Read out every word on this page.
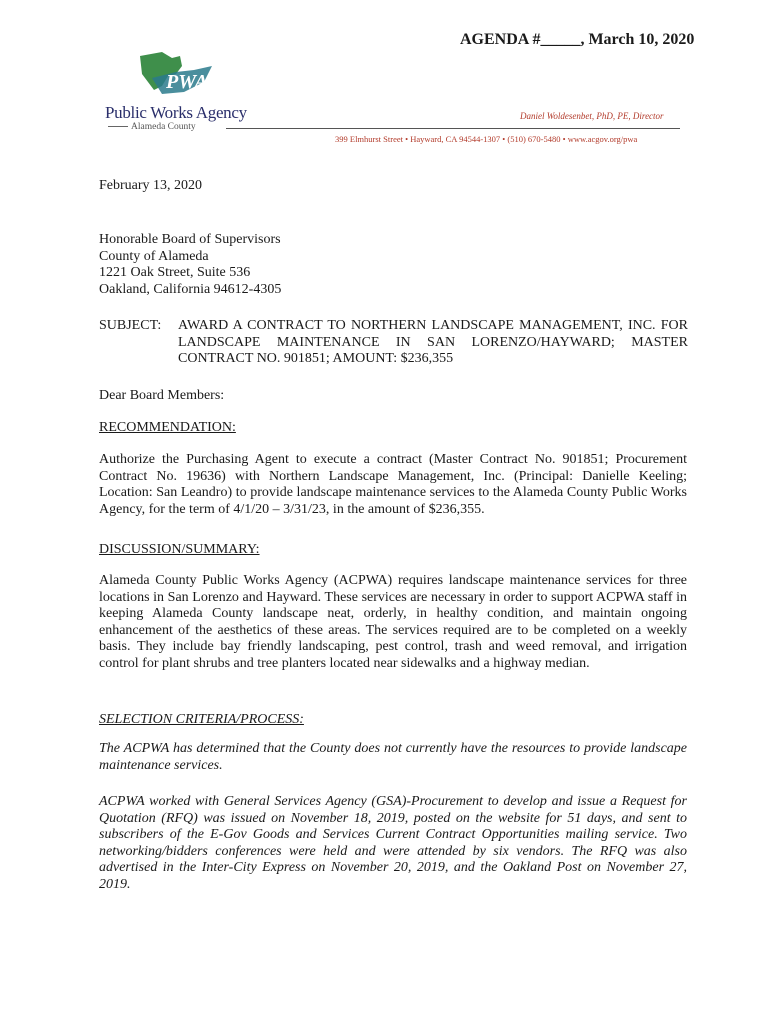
AGENDA #_____, March 10, 2020
PWA
Public Works Agency
Alameda County
Daniel Woldesenbet, PhD, PE, Director
399 Elmhurst Street • Hayward, CA 94544-1307 • (510) 670-5480 • www.acgov.org/pwa
February 13, 2020
Honorable Board of Supervisors
County of Alameda
1221 Oak Street, Suite 536
Oakland, California 94612-4305
SUBJECT: AWARD A CONTRACT TO NORTHERN LANDSCAPE MANAGEMENT, INC. FOR LANDSCAPE MAINTENANCE IN SAN LORENZO/HAYWARD; MASTER CONTRACT NO. 901851; AMOUNT: $236,355
Dear Board Members:
RECOMMENDATION:
Authorize the Purchasing Agent to execute a contract (Master Contract No. 901851; Procurement Contract No. 19636) with Northern Landscape Management, Inc. (Principal: Danielle Keeling; Location: San Leandro) to provide landscape maintenance services to the Alameda County Public Works Agency, for the term of 4/1/20 – 3/31/23, in the amount of $236,355.
DISCUSSION/SUMMARY:
Alameda County Public Works Agency (ACPWA) requires landscape maintenance services for three locations in San Lorenzo and Hayward. These services are necessary in order to support ACPWA staff in keeping Alameda County landscape neat, orderly, in healthy condition, and maintain ongoing enhancement of the aesthetics of these areas. The services required are to be completed on a weekly basis. They include bay friendly landscaping, pest control, trash and weed removal, and irrigation control for plant shrubs and tree planters located near sidewalks and a highway median.
SELECTION CRITERIA/PROCESS:
The ACPWA has determined that the County does not currently have the resources to provide landscape maintenance services.
ACPWA worked with General Services Agency (GSA)-Procurement to develop and issue a Request for Quotation (RFQ) was issued on November 18, 2019, posted on the website for 51 days, and sent to subscribers of the E-Gov Goods and Services Current Contract Opportunities mailing service. Two networking/bidders conferences were held and were attended by six vendors. The RFQ was also advertised in the Inter-City Express on November 20, 2019, and the Oakland Post on November 27, 2019.
